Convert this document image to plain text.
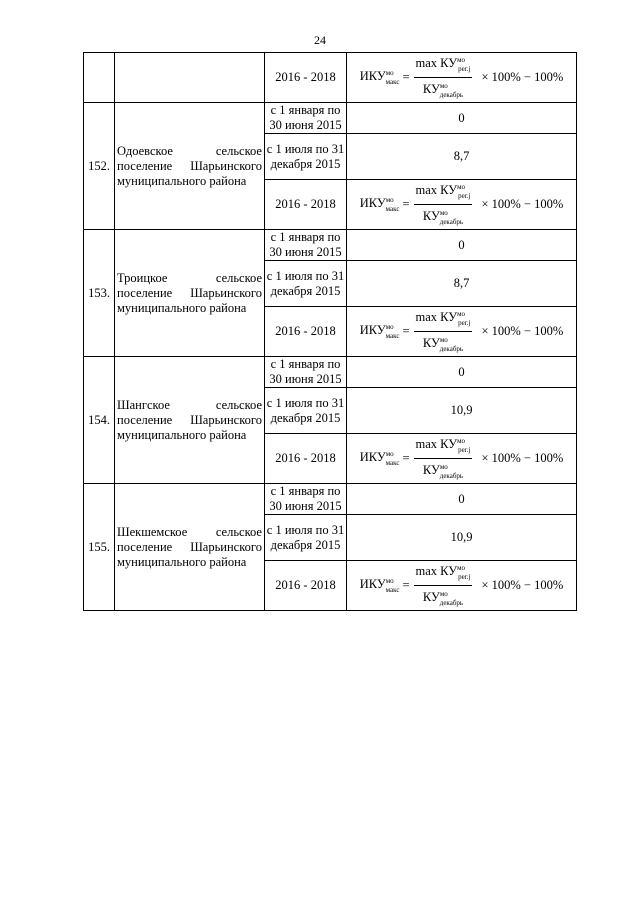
24
		2016 - 2018	$ИКУ^{мо}_{макс} = \frac{\max КУ^{мо}_{рег.j}}{КУ^{мо}_{декабрь}} \times 100\% - 100\%$

152.	Одоевское сельское поселение Шарьинского муниципального района	с 1 января по 30 июня 2015	0
		с 1 июля по 31 декабря 2015	8,7
		2016 - 2018	$ИКУ^{мо}_{макс} = \frac{\max КУ^{мо}_{рег.j}}{КУ^{мо}_{декабрь}} \times 100\% - 100\%$

153.	Троицкое сельское поселение Шарьинского муниципального района	с 1 января по 30 июня 2015	0
		с 1 июля по 31 декабря 2015	8,7
		2016 - 2018	$ИКУ^{мо}_{макс} = \frac{\max КУ^{мо}_{рег.j}}{КУ^{мо}_{декабрь}} \times 100\% - 100\%$

154.	Шангское сельское поселение Шарьинского муниципального района	с 1 января по 30 июня 2015	0
		с 1 июля по 31 декабря 2015	10,9
		2016 - 2018	$ИКУ^{мо}_{макс} = \frac{\max КУ^{мо}_{рег.j}}{КУ^{мо}_{декабрь}} \times 100\% - 100\%$

155.	Шекшемское сельское поселение Шарьинского муниципального района	с 1 января по 30 июня 2015	0
		с 1 июля по 31 декабря 2015	10,9
		2016 - 2018	$ИКУ^{мо}_{макс} = \frac{\max КУ^{мо}_{рег.j}}{КУ^{мо}_{декабрь}} \times 100\% - 100\%$
